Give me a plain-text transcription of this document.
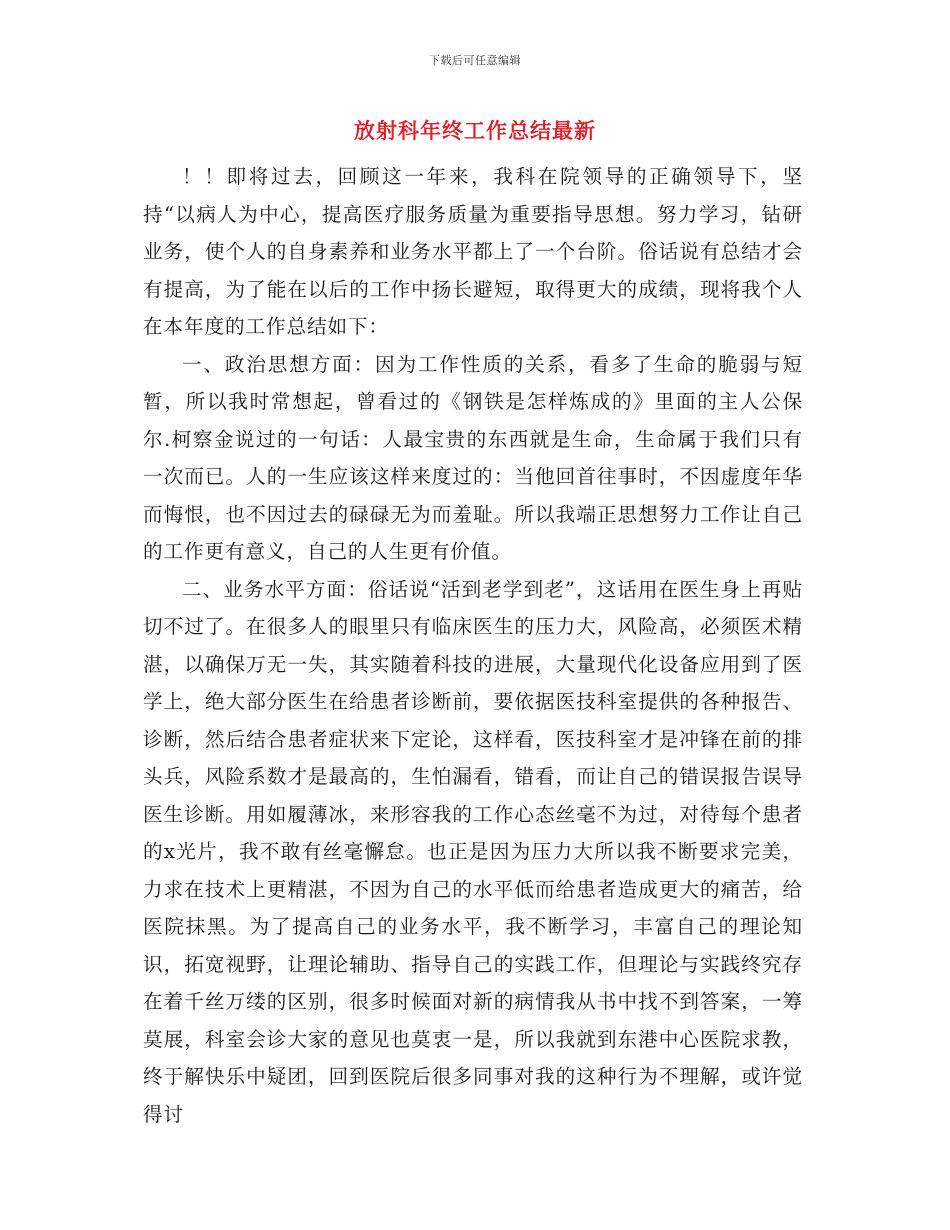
下载后可任意编辑
放射科年终工作总结最新

！！即将过去，回顾这一年来，我科在院领导的正确领导下，坚持“以病人为中心，提高医疗服务质量为重要指导思想。努力学习，钻研业务，使个人的自身素养和业务水平都上了一个台阶。俗话说有总结才会有提高，为了能在以后的工作中扬长避短，取得更大的成绩，现将我个人在本年度的工作总结如下：

一、政治思想方面：因为工作性质的关系，看多了生命的脆弱与短暂，所以我时常想起，曾看过的《钢铁是怎样炼成的》里面的主人公保尔.柯察金说过的一句话：人最宝贵的东西就是生命，生命属于我们只有一次而已。人的一生应该这样来度过的：当他回首往事时，不因虚度年华而悔恨，也不因过去的碌碌无为而羞耻。所以我端正思想努力工作让自己的工作更有意义，自己的人生更有价值。

二、业务水平方面：俗话说“活到老学到老”，这话用在医生身上再贴切不过了。在很多人的眼里只有临床医生的压力大，风险高，必须医术精湛，以确保万无一失，其实随着科技的进展，大量现代化设备应用到了医学上，绝大部分医生在给患者诊断前，要依据医技科室提供的各种报告、诊断，然后结合患者症状来下定论，这样看，医技科室才是冲锋在前的排头兵，风险系数才是最高的，生怕漏看，错看，而让自己的错误报告误导医生诊断。用如履薄冰，来形容我的工作心态丝毫不为过，对待每个患者的x光片，我不敢有丝毫懈怠。也正是因为压力大所以我不断要求完美，力求在技术上更精湛，不因为自己的水平低而给患者造成更大的痛苦，给医院抹黑。为了提高自己的业务水平，我不断学习，丰富自己的理论知识，拓宽视野，让理论辅助、指导自己的实践工作，但理论与实践终究存在着千丝万缕的区别，很多时候面对新的病情我从书中找不到答案，一筹莫展，科室会诊大家的意见也莫衷一是，所以我就到东港中心医院求教，终于解快乐中疑团，回到医院后很多同事对我的这种行为不理解，或许觉得讨
